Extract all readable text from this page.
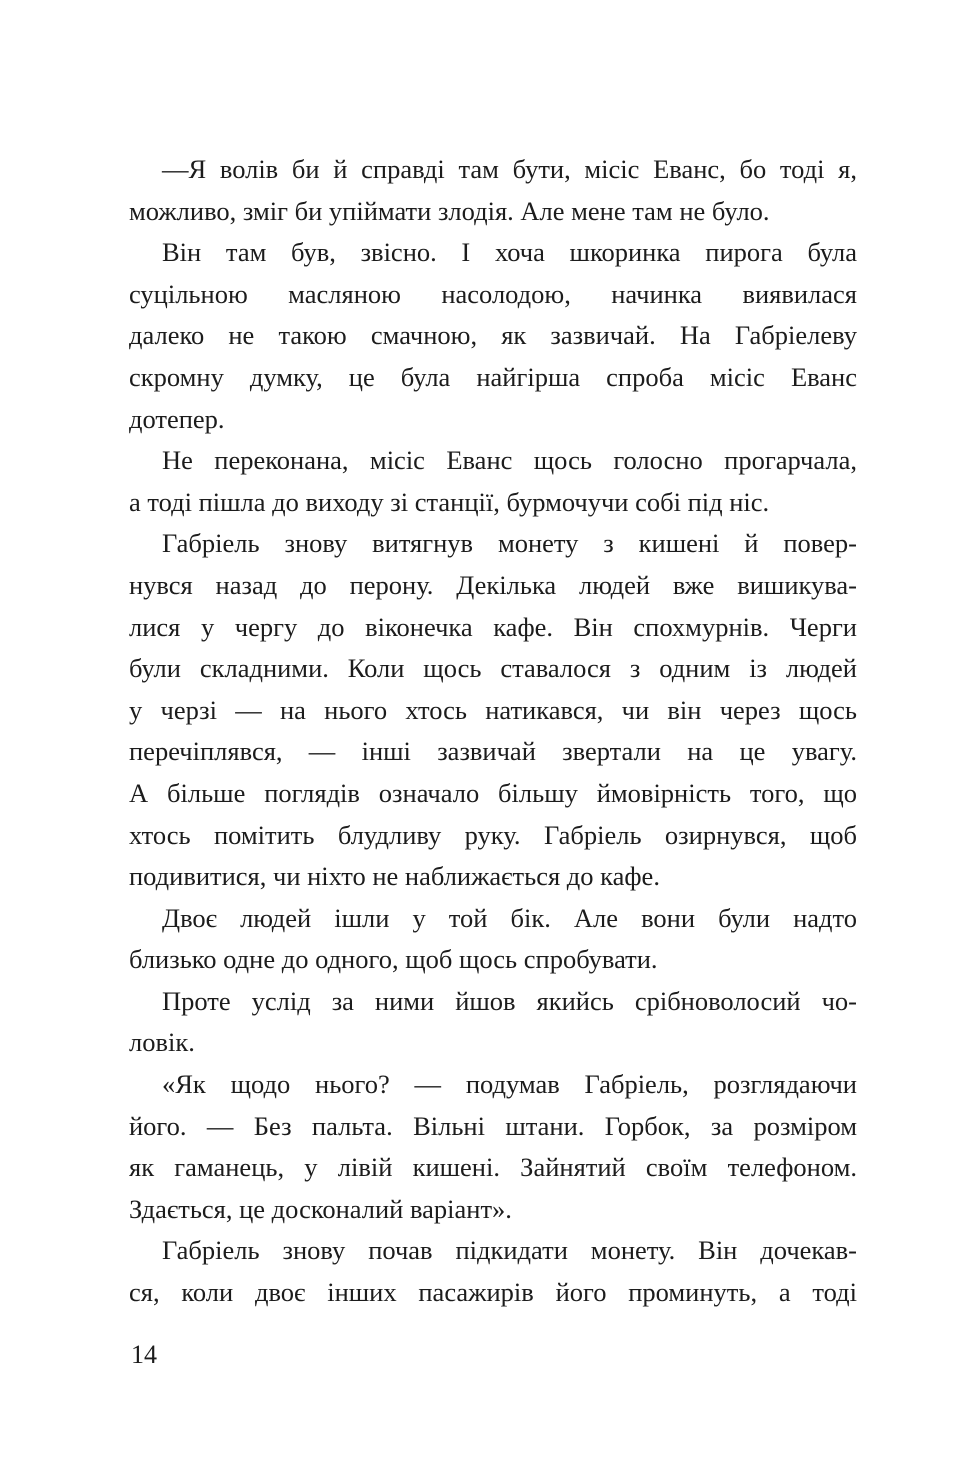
—Я волів би й справді там бути, місіс Еванс, бо тоді я,
можливо, зміг би упіймати злодія. Але мене там не було.
Він там був, звісно. І хоча шкоринка пирога була
суцільною масляною насолодою, начинка виявилася
далеко не такою смачною, як зазвичай. На Габріелеву
скромну думку, це була найгірша спроба місіс Еванс
дотепер.
Не переконана, місіс Еванс щось голосно прогарчала,
а тоді пішла до виходу зі станції, бурмочучи собі під ніс.
Габріель знову витягнув монету з кишені й повер-
нувся назад до перону. Декілька людей вже вишикува-
лися у чергу до віконечка кафе. Він спохмурнів. Черги
були складними. Коли щось ставалося з одним із людей
у черзі — на нього хтось натикався, чи він через щось
перечіплявся, — інші зазвичай звертали на це увагу.
А більше поглядів означало більшу ймовірність того, що
хтось помітить блудливу руку. Габріель озирнувся, щоб
подивитися, чи ніхто не наближається до кафе.
Двоє людей ішли у той бік. Але вони були надто
близько одне до одного, щоб щось спробувати.
Проте услід за ними йшов якийсь срібноволосий чо-
ловік.
«Як щодо нього? — подумав Габріель, розглядаючи
його. — Без пальта. Вільні штани. Горбок, за розміром
як гаманець, у лівій кишені. Зайнятий своїм телефоном.
Здається, це досконалий варіант».
Габріель знову почав підкидати монету. Він дочекав-
ся, коли двоє інших пасажирів його проминуть, а тоді
14
